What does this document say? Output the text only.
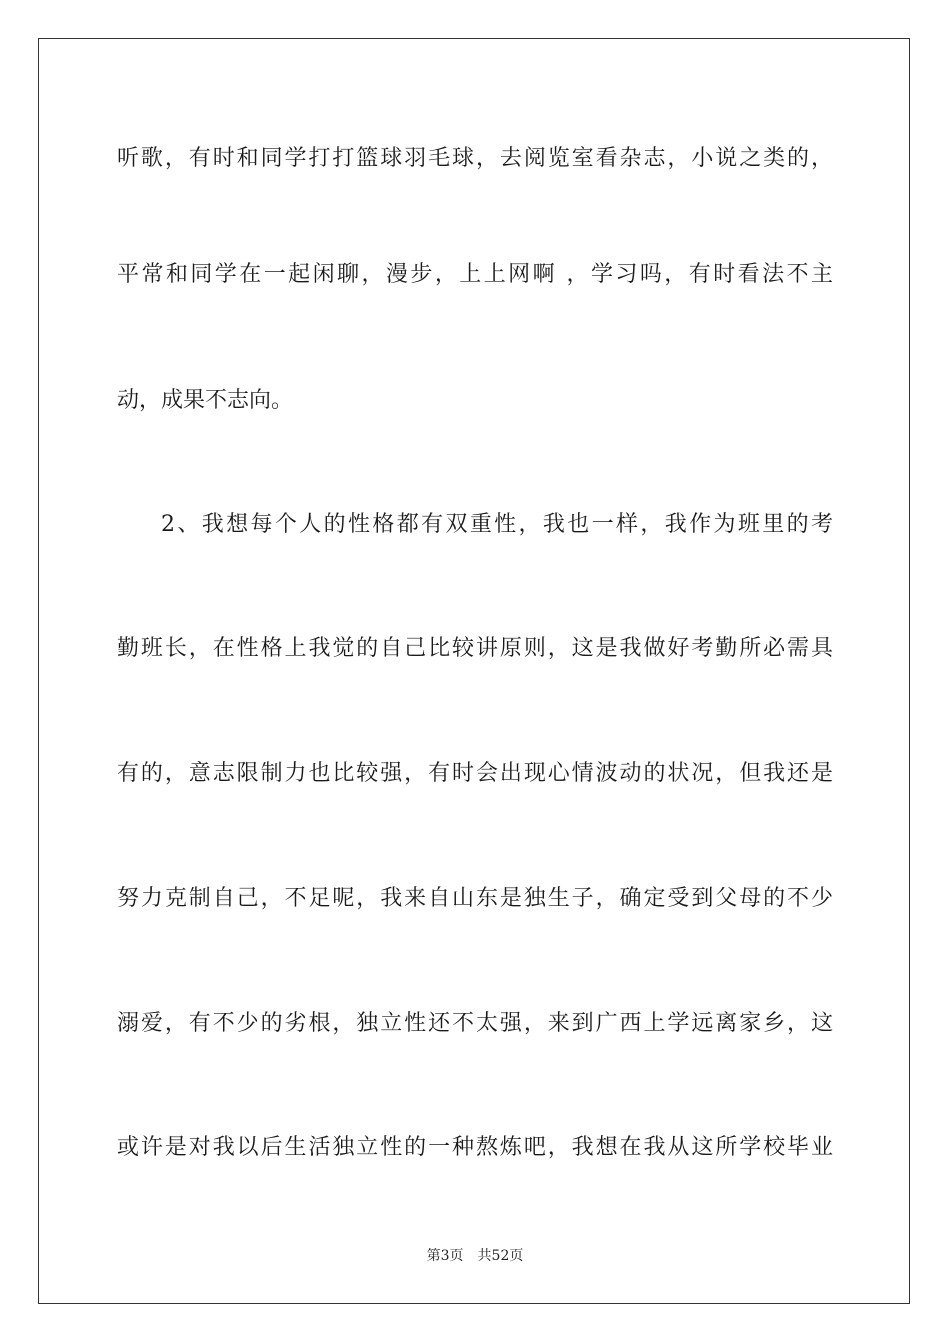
听歌，有时和同学打打篮球羽毛球，去阅览室看杂志，小说之类的，
平常和同学在一起闲聊，漫步，上上网啊 ，学习吗，有时看法不主
动，成果不志向。
2、我想每个人的性格都有双重性，我也一样，我作为班里的考
勤班长，在性格上我觉的自己比较讲原则，这是我做好考勤所必需具
有的，意志限制力也比较强，有时会出现心情波动的状况，但我还是
努力克制自己，不足呢，我来自山东是独生子，确定受到父母的不少
溺爱，有不少的劣根，独立性还不太强，来到广西上学远离家乡，这
或许是对我以后生活独立性的一种熬炼吧，我想在我从这所学校毕业
第3页 共52页
